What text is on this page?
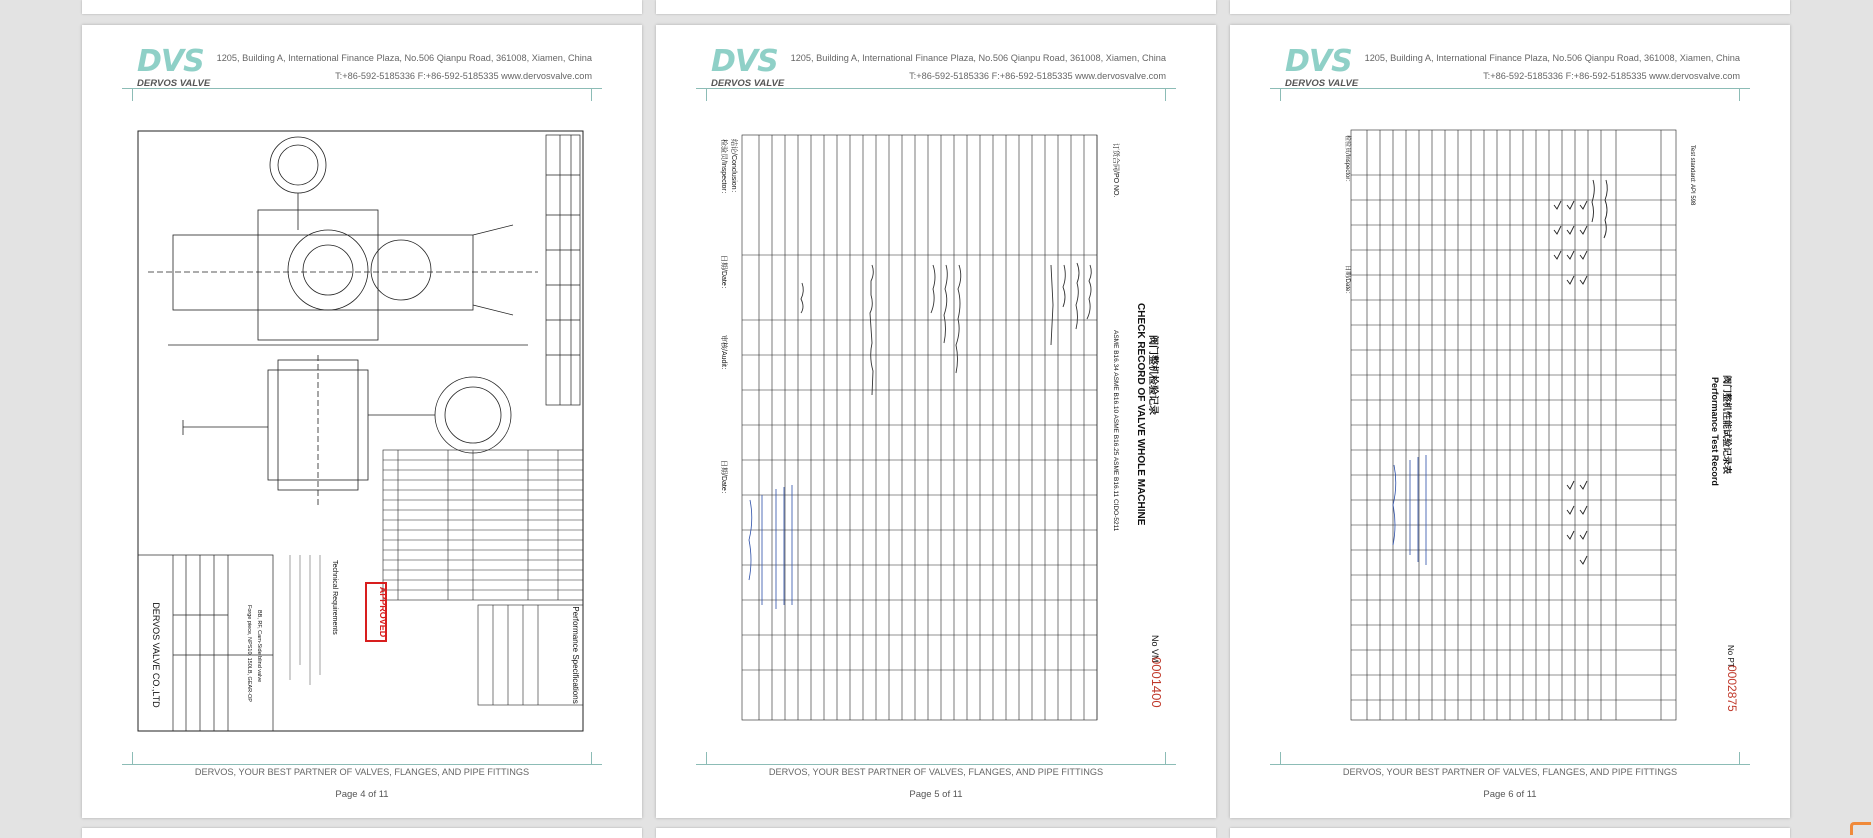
DVS
DERVOS VALVE
1205, Building A, International Finance Plaza, No.506 Qianpu Road, 361008, Xiamen, China
T:+86-592-5185336 F:+86-592-5185335 www.dervosvalve.com
Performance Specifications
APPROVED
Technical Requirements
DERVOS VALVE CO.,LTD	Forge piece, NPS10, 150LB, GEAR-OP BB, RF, Cam-Side blind valve
DERVOS, YOUR BEST PARTNER OF VALVES, FLANGES, AND PIPE FITTINGS
Page 4 of 11
DVS
DERVOS VALVE
1205, Building A, International Finance Plaza, No.506 Qianpu Road, 361008, Xiamen, China
T:+86-592-5185336 F:+86-592-5185335 www.dervosvalve.com
阀门整机检验记录
CHECK RECORD OF VALVE WHOLE MACHINE
No VM
0001400
订货合同/PO NO.
ASME B16.34 ASME B16.10 ASME B16.25 ASME B16.11 CIDO-5211
结论/Conclusion：
检验员/Inspector：
日期/Date：
审核/Audit：
日期/Date：
DERVOS, YOUR BEST PARTNER OF VALVES, FLANGES, AND PIPE FITTINGS
Page 5 of 11
DVS
DERVOS VALVE
1205, Building A, International Finance Plaza, No.506 Qianpu Road, 361008, Xiamen, China
T:+86-592-5185336 F:+86-592-5185335 www.dervosvalve.com
阀门整机性能试验记录表
Performance Test Record
No PT
0002875
Test standard: API 598
检验员/Inspector：
日期/Date：
DERVOS, YOUR BEST PARTNER OF VALVES, FLANGES, AND PIPE FITTINGS
Page 6 of 11
